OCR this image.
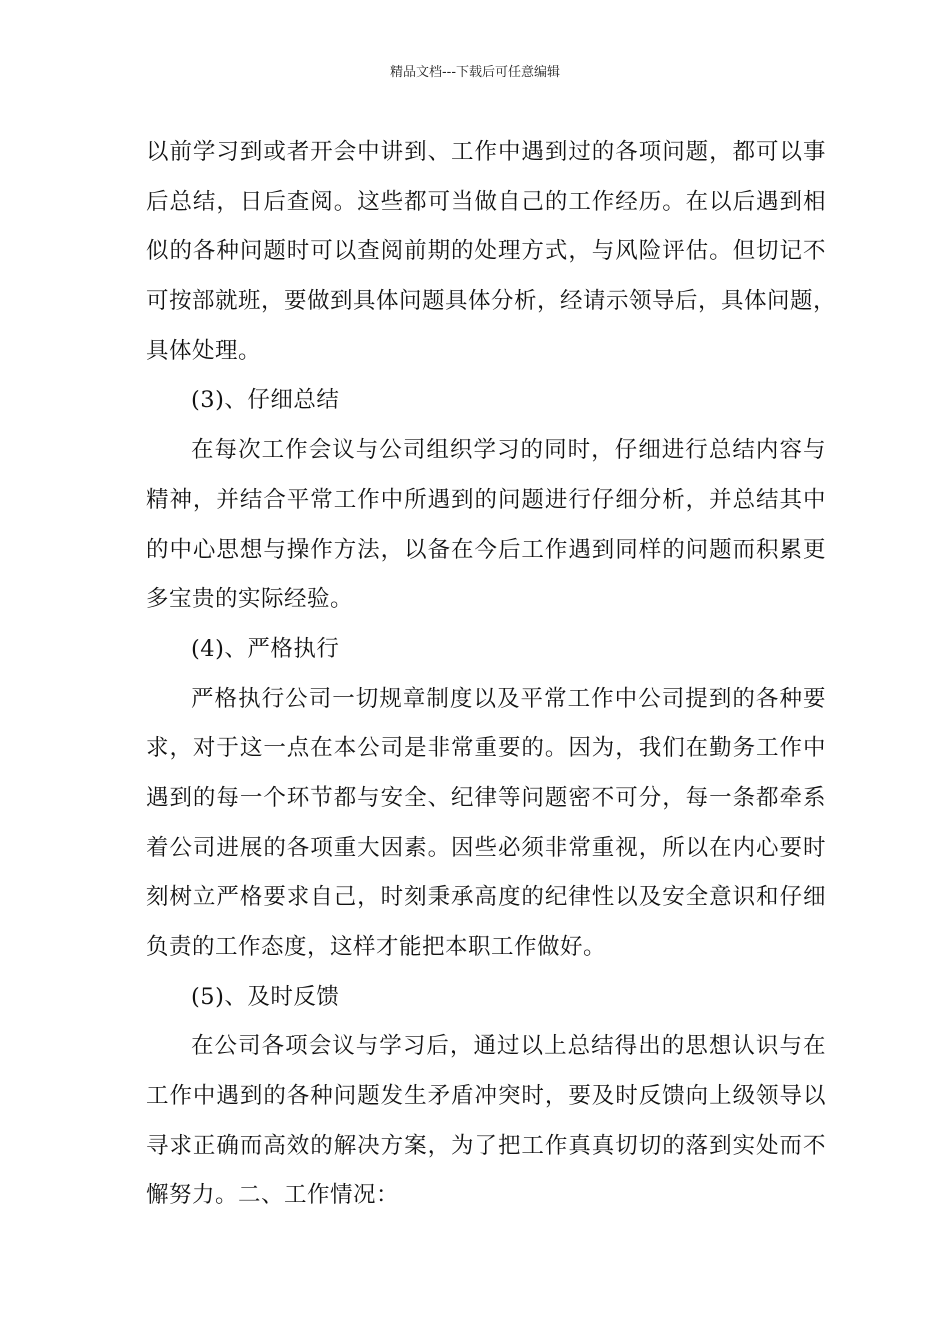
精品文档---下载后可任意编辑
以前学习到或者开会中讲到、工作中遇到过的各项问题，都可以事
后总结，日后查阅。这些都可当做自己的工作经历。在以后遇到相
似的各种问题时可以查阅前期的处理方式，与风险评估。但切记不
可按部就班，要做到具体问题具体分析，经请示领导后，具体问题，
具体处理。
(3)、仔细总结
在每次工作会议与公司组织学习的同时，仔细进行总结内容与
精神，并结合平常工作中所遇到的问题进行仔细分析，并总结其中
的中心思想与操作方法，以备在今后工作遇到同样的问题而积累更
多宝贵的实际经验。
(4)、严格执行
严格执行公司一切规章制度以及平常工作中公司提到的各种要
求，对于这一点在本公司是非常重要的。因为，我们在勤务工作中
遇到的每一个环节都与安全、纪律等问题密不可分，每一条都牵系
着公司进展的各项重大因素。因些必须非常重视，所以在内心要时
刻树立严格要求自己，时刻秉承高度的纪律性以及安全意识和仔细
负责的工作态度，这样才能把本职工作做好。
(5)、及时反馈
在公司各项会议与学习后，通过以上总结得出的思想认识与在
工作中遇到的各种问题发生矛盾冲突时，要及时反馈向上级领导以
寻求正确而高效的解决方案，为了把工作真真切切的落到实处而不
懈努力。二、工作情况：
